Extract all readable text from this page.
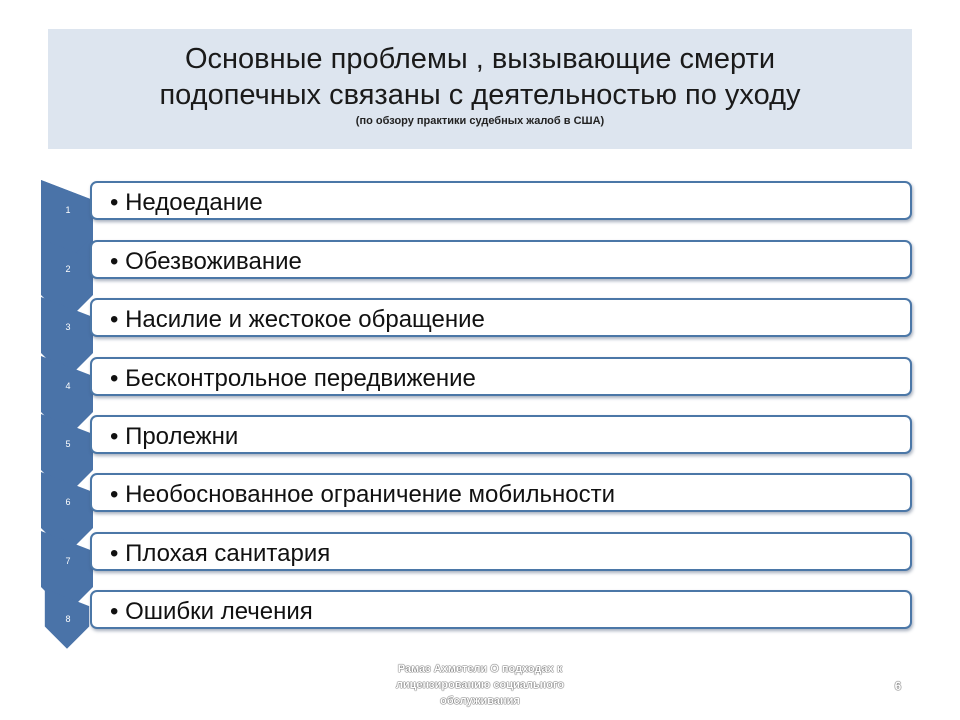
Основные проблемы , вызывающие смерти
подопечных связаны с деятельностью по уходу
(по обзору практики судебных жалоб в США)
1 • Недоедание
2 • Обезвоживание
3 • Насилие и жестокое обращение
4 • Бесконтрольное передвижение
5 • Пролежни
6 • Необоснованное ограничение мобильности
7 • Плохая санитария
8 • Ошибки лечения
Рамаз Ахметели О подходах к
лицензированию социального
обслуживания
6
